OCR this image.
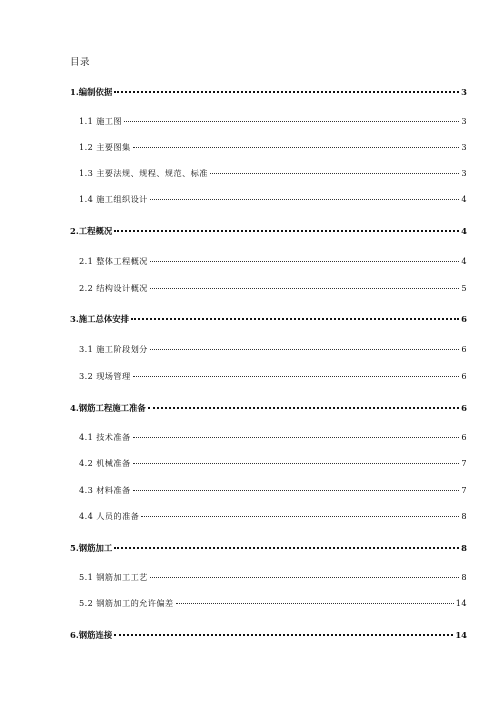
目录
1.编制依据	3
1.1 施工图	3
1.2 主要图集	3
1.3 主要法规、规程、规范、标准	3
1.4 施工组织设计	4
2.工程概况	4
2.1 整体工程概况	4
2.2 结构设计概况	5
3.施工总体安排	6
3.1 施工阶段划分	6
3.2 现场管理	6
4.钢筋工程施工准备	6
4.1 技术准备	6
4.2 机械准备	7
4.3 材料准备	7
4.4 人员的准备	8
5.钢筋加工	8
5.1 钢筋加工工艺	8
5.2 钢筋加工的允许偏差	14
6.钢筋连接	14
